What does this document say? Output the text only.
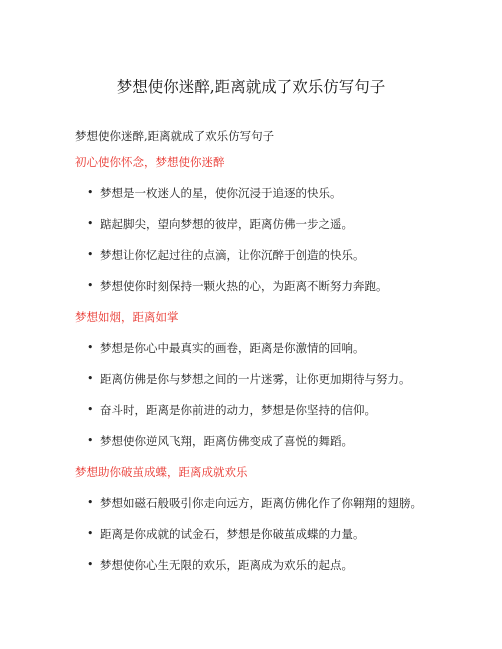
梦想使你迷醉,距离就成了欢乐仿写句子

梦想使你迷醉,距离就成了欢乐仿写句子

初心使你怀念，梦想使你迷醉
• 梦想是一枚迷人的星，使你沉浸于追逐的快乐。
• 踮起脚尖，望向梦想的彼岸，距离仿佛一步之遥。
• 梦想让你忆起过往的点滴，让你沉醉于创造的快乐。
• 梦想使你时刻保持一颗火热的心，为距离不断努力奔跑。
梦想如烟，距离如掌
• 梦想是你心中最真实的画卷，距离是你激情的回响。
• 距离仿佛是你与梦想之间的一片迷雾，让你更加期待与努力。
• 奋斗时，距离是你前进的动力，梦想是你坚持的信仰。
• 梦想使你逆风飞翔，距离仿佛变成了喜悦的舞蹈。
梦想助你破茧成蝶，距离成就欢乐
• 梦想如磁石般吸引你走向远方，距离仿佛化作了你翱翔的翅膀。
• 距离是你成就的试金石，梦想是你破茧成蝶的力量。
• 梦想使你心生无限的欢乐，距离成为欢乐的起点。
